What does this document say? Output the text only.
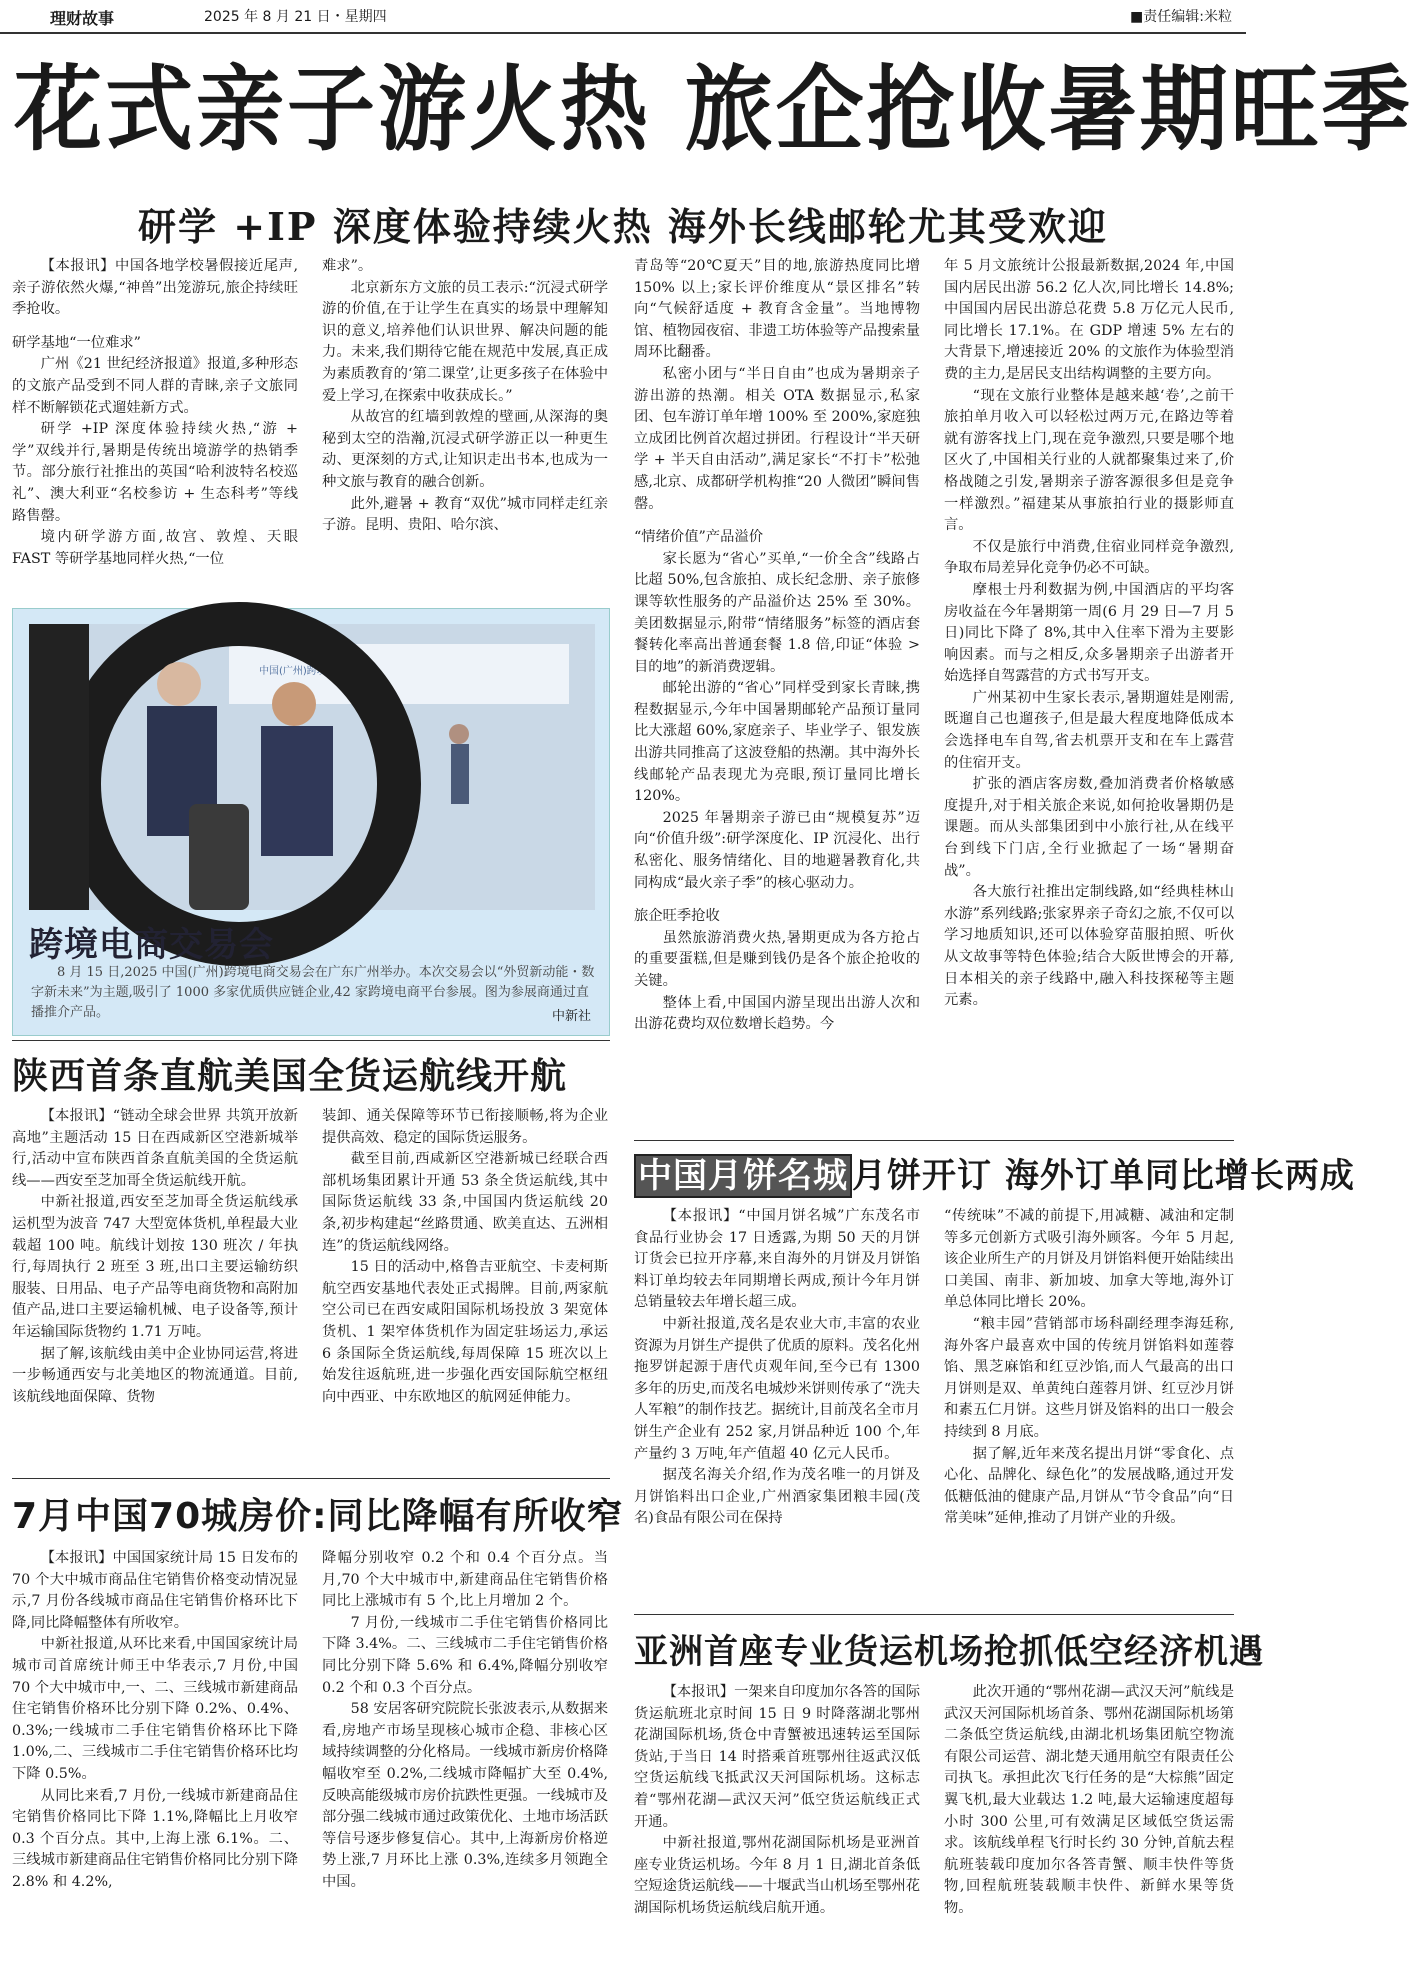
理财故事	2025 年 8 月 21 日・星期四	■责任编辑:米粒
花式亲子游火热 旅企抢收暑期旺季
研学 +IP 深度体验持续火热 海外长线邮轮尤其受欢迎

【本报讯】中国各地学校暑假接近尾声,亲子游依然火爆,“神兽”出笼游玩,旅企持续旺季抢收。

研学基地“一位难求”

广州《21 世纪经济报道》报道,多种形态的文旅产品受到不同人群的青睐,亲子文旅同样不断解锁花式遛娃新方式。

研学 +IP 深度体验持续火热,“游 + 学”双线并行,暑期是传统出境游学的热销季节。部分旅行社推出的英国“哈利波特名校巡礼”、澳大利亚“名校参访 + 生态科考”等线路售罄。

境内研学游方面,故宫、敦煌、天眼 FAST 等研学基地同样火热,“一位

难求”。

北京新东方文旅的员工表示:“沉浸式研学游的价值,在于让学生在真实的场景中理解知识的意义,培养他们认识世界、解决问题的能力。未来,我们期待它能在规范中发展,真正成为素质教育的‘第二课堂’,让更多孩子在体验中爱上学习,在探索中收获成长。”

从故宫的红墙到敦煌的壁画,从深海的奥秘到太空的浩瀚,沉浸式研学游正以一种更生动、更深刻的方式,让知识走出书本,也成为一种文旅与教育的融合创新。

此外,避暑 + 教育“双优”城市同样走红亲子游。昆明、贵阳、哈尔滨、

青岛等“20℃夏天”目的地,旅游热度同比增 150% 以上;家长评价维度从“景区排名”转向“气候舒适度 + 教育含金量”。当地博物馆、植物园夜宿、非遗工坊体验等产品搜索量周环比翻番。

私密小团与“半日自由”也成为暑期亲子游出游的热潮。相关 OTA 数据显示,私家团、包车游订单年增 100% 至 200%,家庭独立成团比例首次超过拼团。行程设计“半天研学 + 半天自由活动”,满足家长“不打卡”松弛感,北京、成都研学机构推“20 人微团”瞬间售罄。

“情绪价值”产品溢价

家长愿为“省心”买单,“一价全含”线路占比超 50%,包含旅拍、成长纪念册、亲子旅修课等软性服务的产品溢价达 25% 至 30%。美团数据显示,附带“情绪服务”标签的酒店套餐转化率高出普通套餐 1.8 倍,印证“体验 > 目的地”的新消费逻辑。

邮轮出游的“省心”同样受到家长青睐,携程数据显示,今年中国暑期邮轮产品预订量同比大涨超 60%,家庭亲子、毕业学子、银发族出游共同推高了这波登船的热潮。其中海外长线邮轮产品表现尤为亮眼,预订量同比增长 120%。

2025 年暑期亲子游已由“规模复苏”迈向“价值升级”:研学深度化、IP 沉浸化、出行私密化、服务情绪化、目的地避暑教育化,共同构成“最火亲子季”的核心驱动力。

旅企旺季抢收

虽然旅游消费火热,暑期更成为各方抢占的重要蛋糕,但是赚到钱仍是各个旅企抢收的关键。

整体上看,中国国内游呈现出出游人次和出游花费均双位数增长趋势。今

年 5 月文旅统计公报最新数据,2024 年,中国国内居民出游 56.2 亿人次,同比增长 14.8%;中国国内居民出游总花费 5.8 万亿元人民币,同比增长 17.1%。在 GDP 增速 5% 左右的大背景下,增速接近 20% 的文旅作为体验型消费的主力,是居民支出结构调整的主要方向。

“现在文旅行业整体是越来越‘卷’,之前干旅拍单月收入可以轻松过两万元,在路边等着就有游客找上门,现在竞争激烈,只要是哪个地区火了,中国相关行业的人就都聚集过来了,价格战随之引发,暑期亲子游客源很多但是竞争一样激烈。”福建某从事旅拍行业的摄影师直言。

不仅是旅行中消费,住宿业同样竞争激烈,争取布局差异化竞争仍必不可缺。

摩根士丹利数据为例,中国酒店的平均客房收益在今年暑期第一周(6 月 29 日—7 月 5 日)同比下降了 8%,其中入住率下滑为主要影响因素。而与之相反,众多暑期亲子出游者开始选择自驾露营的方式书写开支。

广州某初中生家长表示,暑期遛娃是刚需,既遛自己也遛孩子,但是最大程度地降低成本会选择电车自驾,省去机票开支和在车上露营的住宿开支。

扩张的酒店客房数,叠加消费者价格敏感度提升,对于相关旅企来说,如何抢收暑期仍是课题。而从头部集团到中小旅行社,从在线平台到线下门店,全行业掀起了一场“暑期奋战”。

各大旅行社推出定制线路,如“经典桂林山水游”系列线路;张家界亲子奇幻之旅,不仅可以学习地质知识,还可以体验穿苗服拍照、听伙从文故事等特色体验;结合大阪世博会的开幕,日本相关的亲子线路中,融入科技探秘等主题元素。

中国(广州)跨境电商交易会
跨境电商交易会
8 月 15 日,2025 中国(广州)跨境电商交易会在广东广州举办。本次交易会以“外贸新动能・数字新未来”为主题,吸引了 1000 多家优质供应链企业,42 家跨境电商平台参展。图为参展商通过直播推介产品。	中新社
陕西首条直航美国全货运航线开航

【本报讯】“链动全球会世界 共筑开放新高地”主题活动 15 日在西咸新区空港新城举行,活动中宣布陕西首条直航美国的全货运航线——西安至芝加哥全货运航线开航。

中新社报道,西安至芝加哥全货运航线承运机型为波音 747 大型宽体货机,单程最大业载超 100 吨。航线计划按 130 班次 / 年执行,每周执行 2 班至 3 班,出口主要运输纺织服装、日用品、电子产品等电商货物和高附加值产品,进口主要运输机械、电子设备等,预计年运输国际货物约 1.71 万吨。

据了解,该航线由美中企业协同运营,将进一步畅通西安与北美地区的物流通道。目前,该航线地面保障、货物

装卸、通关保障等环节已衔接顺畅,将为企业提供高效、稳定的国际货运服务。

截至目前,西咸新区空港新城已经联合西部机场集团累计开通 53 条全货运航线,其中国际货运航线 33 条,中国国内货运航线 20 条,初步构建起“丝路贯通、欧美直达、五洲相连”的货运航线网络。

15 日的活动中,格鲁吉亚航空、卡麦柯斯航空西安基地代表处正式揭牌。目前,两家航空公司已在西安咸阳国际机场投放 3 架宽体货机、1 架窄体货机作为固定驻场运力,承运 6 条国际全货运航线,每周保障 15 班次以上始发往返航班,进一步强化西安国际航空枢纽向中西亚、中东欧地区的航网延伸能力。

7月中国70城房价:同比降幅有所收窄

【本报讯】中国国家统计局 15 日发布的 70 个大中城市商品住宅销售价格变动情况显示,7 月份各线城市商品住宅销售价格环比下降,同比降幅整体有所收窄。

中新社报道,从环比来看,中国国家统计局城市司首席统计师王中华表示,7 月份,中国 70 个大中城市中,一、二、三线城市新建商品住宅销售价格环比分别下降 0.2%、0.4%、0.3%;一线城市二手住宅销售价格环比下降 1.0%,二、三线城市二手住宅销售价格环比均下降 0.5%。

从同比来看,7 月份,一线城市新建商品住宅销售价格同比下降 1.1%,降幅比上月收窄 0.3 个百分点。其中,上海上涨 6.1%。二、三线城市新建商品住宅销售价格同比分别下降 2.8% 和 4.2%,

降幅分别收窄 0.2 个和 0.4 个百分点。当月,70 个大中城市中,新建商品住宅销售价格同比上涨城市有 5 个,比上月增加 2 个。

7 月份,一线城市二手住宅销售价格同比下降 3.4%。二、三线城市二手住宅销售价格同比分别下降 5.6% 和 6.4%,降幅分别收窄 0.2 个和 0.3 个百分点。

58 安居客研究院院长张波表示,从数据来看,房地产市场呈现核心城市企稳、非核心区域持续调整的分化格局。一线城市新房价格降幅收窄至 0.2%,二线城市降幅扩大至 0.4%,反映高能级城市房价抗跌性更强。一线城市及部分强二线城市通过政策优化、土地市场活跃等信号逐步修复信心。其中,上海新房价格逆势上涨,7 月环比上涨 0.3%,连续多月领跑全中国。

中国月饼名城 月饼开订 海外订单同比增长两成

【本报讯】“中国月饼名城”广东茂名市食品行业协会 17 日透露,为期 50 天的月饼订货会已拉开序幕,来自海外的月饼及月饼馅料订单均较去年同期增长两成,预计今年月饼总销量较去年增长超三成。

中新社报道,茂名是农业大市,丰富的农业资源为月饼生产提供了优质的原料。茂名化州拖罗饼起源于唐代贞观年间,至今已有 1300 多年的历史,而茂名电城炒米饼则传承了“洗夫人军粮”的制作技艺。据统计,目前茂名全市月饼生产企业有 252 家,月饼品种近 100 个,年产量约 3 万吨,年产值超 40 亿元人民币。

据茂名海关介绍,作为茂名唯一的月饼及月饼馅料出口企业,广州酒家集团粮丰园(茂名)食品有限公司在保持

“传统味”不减的前提下,用减糖、减油和定制等多元创新方式吸引海外顾客。今年 5 月起,该企业所生产的月饼及月饼馅料便开始陆续出口美国、南非、新加坡、加拿大等地,海外订单总体同比增长 20%。

“粮丰园”营销部市场科副经理李海廷称,海外客户最喜欢中国的传统月饼馅料如莲蓉馅、黑芝麻馅和红豆沙馅,而人气最高的出口月饼则是双、单黄纯白莲蓉月饼、红豆沙月饼和素五仁月饼。这些月饼及馅料的出口一般会持续到 8 月底。

据了解,近年来茂名提出月饼“零食化、点心化、品牌化、绿色化”的发展战略,通过开发低糖低油的健康产品,月饼从“节令食品”向“日常美味”延伸,推动了月饼产业的升级。

亚洲首座专业货运机场抢抓低空经济机遇

【本报讯】一架来自印度加尔各答的国际货运航班北京时间 15 日 9 时降落湖北鄂州花湖国际机场,货仓中青蟹被迅速转运至国际货站,于当日 14 时搭乘首班鄂州往返武汉低空货运航线飞抵武汉天河国际机场。这标志着“鄂州花湖—武汉天河”低空货运航线正式开通。

中新社报道,鄂州花湖国际机场是亚洲首座专业货运机场。今年 8 月 1 日,湖北首条低空短途货运航线——十堰武当山机场至鄂州花湖国际机场货运航线启航开通。

此次开通的“鄂州花湖—武汉天河”航线是武汉天河国际机场首条、鄂州花湖国际机场第二条低空货运航线,由湖北机场集团航空物流有限公司运营、湖北楚天通用航空有限责任公司执飞。承担此次飞行任务的是“大棕熊”固定翼飞机,最大业载达 1.2 吨,最大运输速度超每小时 300 公里,可有效满足区域低空货运需求。该航线单程飞行时长约 30 分钟,首航去程航班装载印度加尔各答青蟹、顺丰快件等货物,回程航班装载顺丰快件、新鲜水果等货物。
